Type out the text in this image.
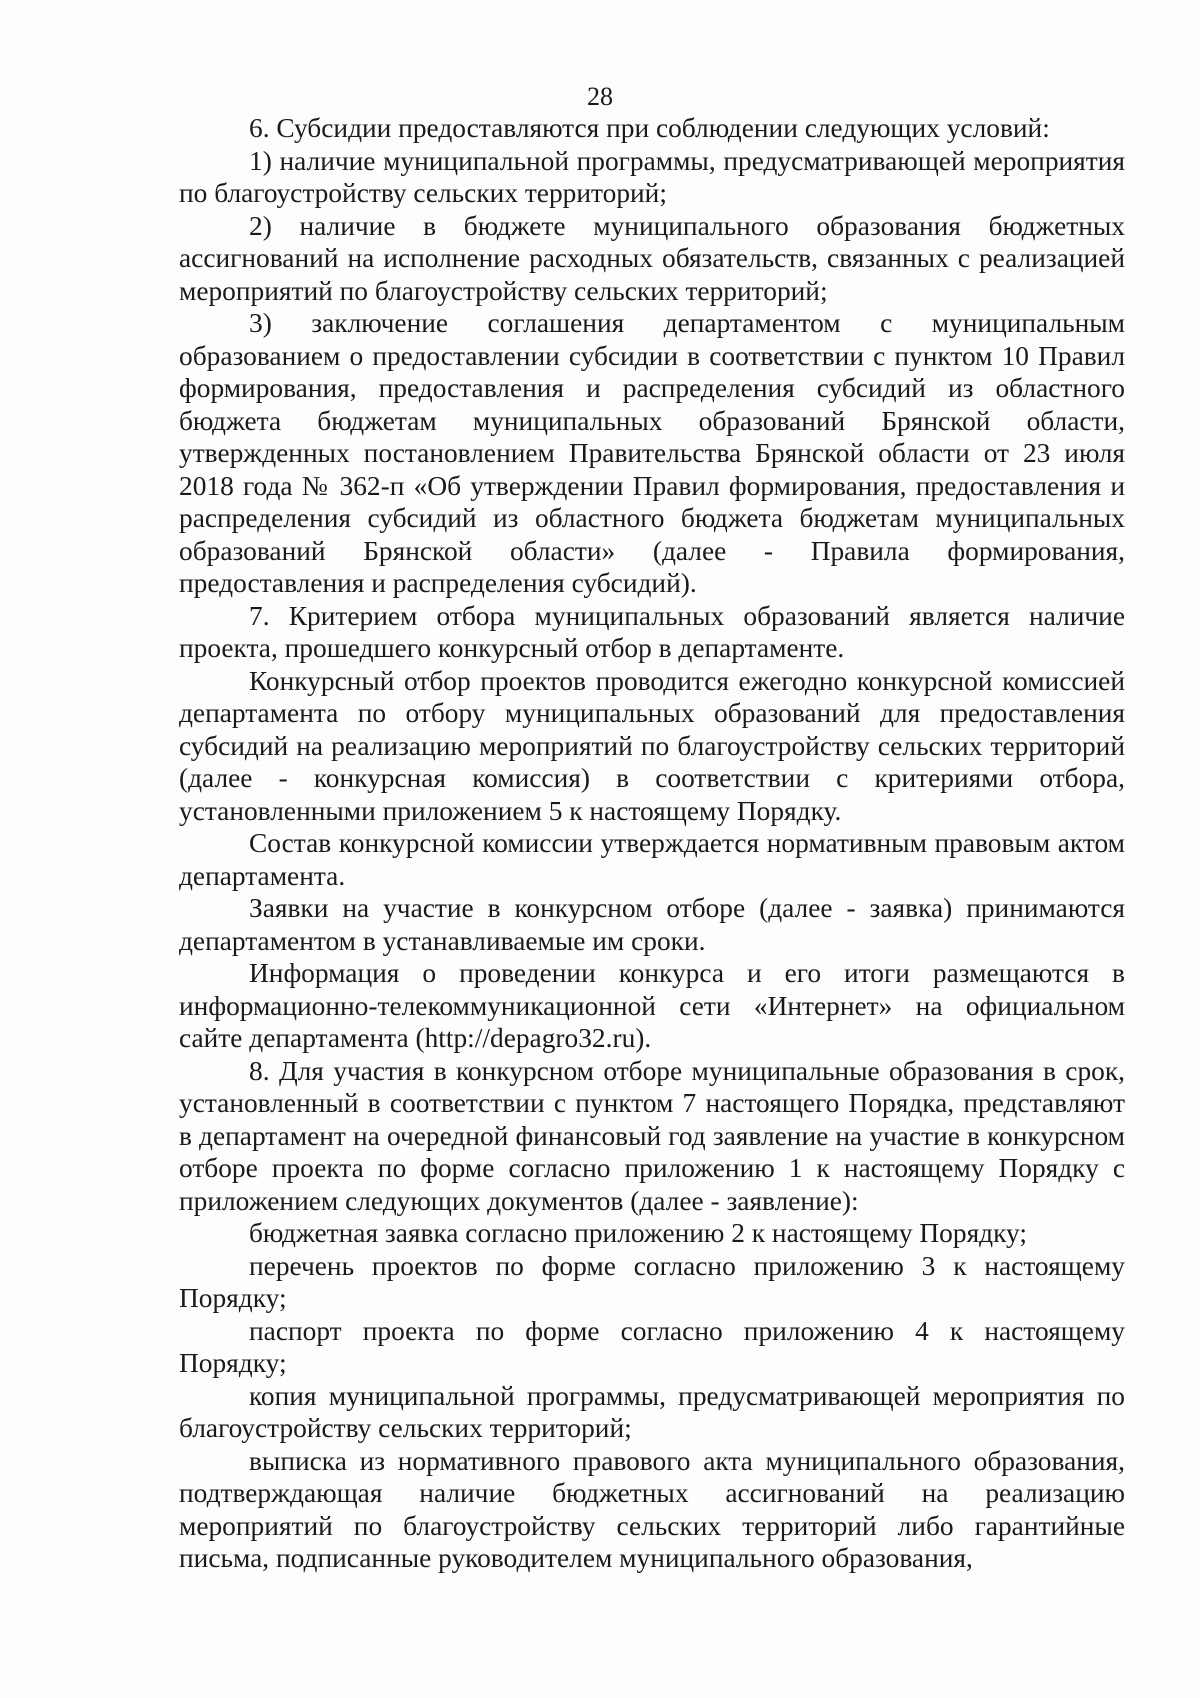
28

6. Субсидии предоставляются при соблюдении следующих условий:

1) наличие муниципальной программы, предусматривающей мероприятия по благоустройству сельских территорий;

2) наличие в бюджете муниципального образования бюджетных ассигнований на исполнение расходных обязательств, связанных с реализацией мероприятий по благоустройству сельских территорий;

3) заключение соглашения департаментом с муниципальным образованием о предоставлении субсидии в соответствии с пунктом 10 Правил формирования, предоставления и распределения субсидий из областного бюджета бюджетам муниципальных образований Брянской области, утвержденных постановлением Правительства Брянской области от 23 июля 2018 года № 362-п «Об утверждении Правил формирования, предоставления и распределения субсидий из областного бюджета бюджетам муниципальных образований Брянской области» (далее - Правила формирования, предоставления и распределения субсидий).

7. Критерием отбора муниципальных образований является наличие проекта, прошедшего конкурсный отбор в департаменте.

Конкурсный отбор проектов проводится ежегодно конкурсной комиссией департамента по отбору муниципальных образований для предоставления субсидий на реализацию мероприятий по благоустройству сельских территорий (далее - конкурсная комиссия) в соответствии с критериями отбора, установленными приложением 5 к настоящему Порядку.

Состав конкурсной комиссии утверждается нормативным правовым актом департамента.

Заявки на участие в конкурсном отборе (далее - заявка) принимаются департаментом в устанавливаемые им сроки.

Информация о проведении конкурса и его итоги размещаются в информационно-телекоммуникационной сети «Интернет» на официальном сайте департамента (http://depagro32.ru).

8. Для участия в конкурсном отборе муниципальные образования в срок, установленный в соответствии с пунктом 7 настоящего Порядка, представляют в департамент на очередной финансовый год заявление на участие в конкурсном отборе проекта по форме согласно приложению 1 к настоящему Порядку с приложением следующих документов (далее - заявление):

бюджетная заявка согласно приложению 2 к настоящему Порядку;

перечень проектов по форме согласно приложению 3 к настоящему Порядку;

паспорт проекта по форме согласно приложению 4 к настоящему Порядку;

копия муниципальной программы, предусматривающей мероприятия по благоустройству сельских территорий;

выписка из нормативного правового акта муниципального образования, подтверждающая наличие бюджетных ассигнований на реализацию мероприятий по благоустройству сельских территорий либо гарантийные письма, подписанные руководителем муниципального образования,
